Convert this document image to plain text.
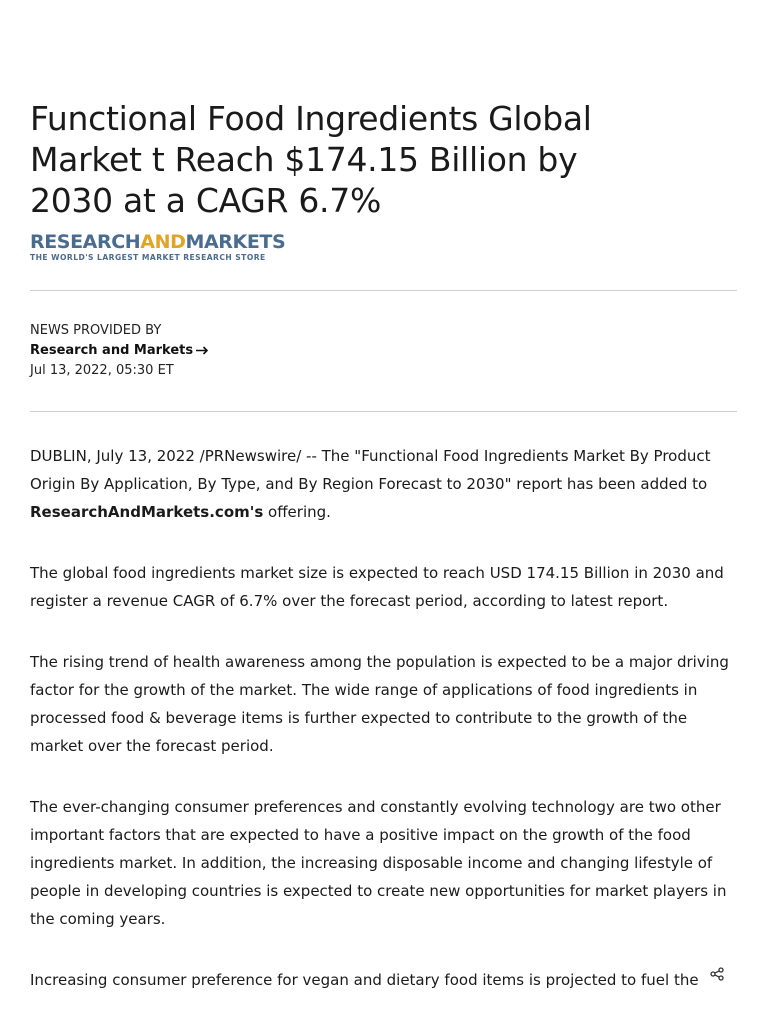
Functional Food Ingredients Global Market t Reach $174.15 Billion by 2030 at a CAGR 6.7%
RESEARCHANDMARKETS
THE WORLD'S LARGEST MARKET RESEARCH STORE
NEWS PROVIDED BY
Research and Markets
Jul 13, 2022, 05:30 ET

DUBLIN, July 13, 2022 /PRNewswire/ -- The "Functional Food Ingredients Market By Product Origin By Application, By Type, and By Region Forecast to 2030" report has been added to ResearchAndMarkets.com's offering.

The global food ingredients market size is expected to reach USD 174.15 Billion in 2030 and register a revenue CAGR of 6.7% over the forecast period, according to latest report.

The rising trend of health awareness among the population is expected to be a major driving factor for the growth of the market. The wide range of applications of food ingredients in processed food & beverage items is further expected to contribute to the growth of the market over the forecast period.

The ever-changing consumer preferences and constantly evolving technology are two other important factors that are expected to have a positive impact on the growth of the food ingredients market. In addition, the increasing disposable income and changing lifestyle of people in developing countries is expected to create new opportunities for market players in the coming years.

Increasing consumer preference for vegan and dietary food items is projected to fuel the
